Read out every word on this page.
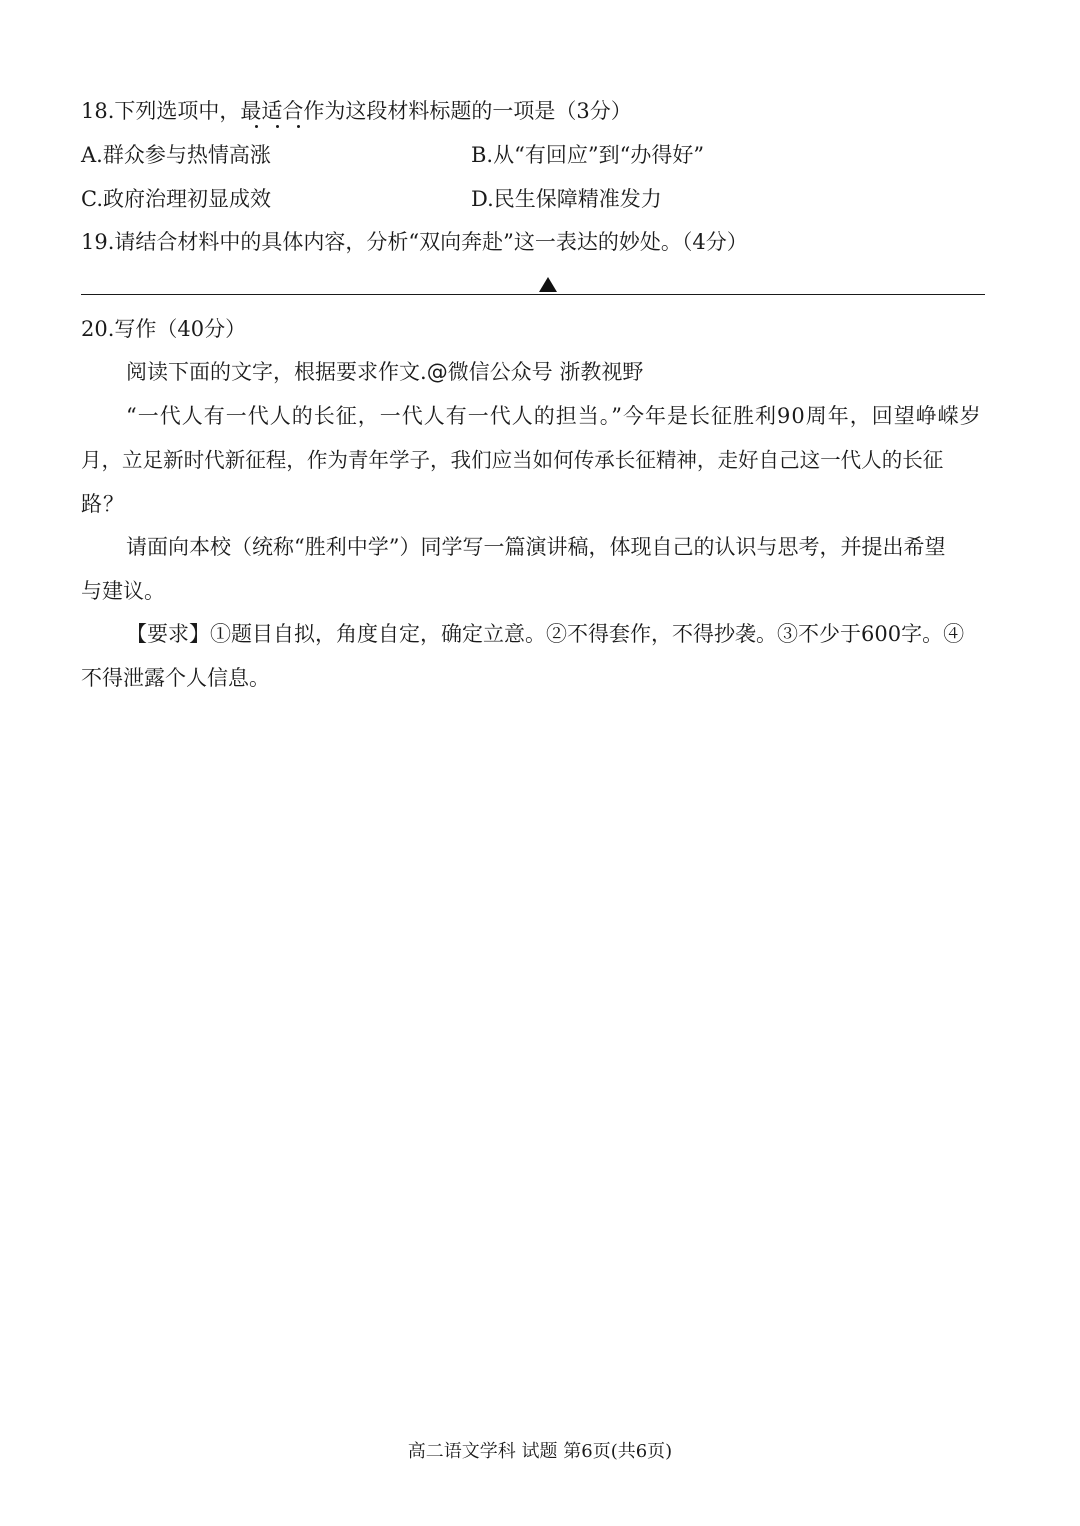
18.下列选项中，最适合作为这段材料标题的一项是（3分）
A.群众参与热情高涨	B.从“有回应”到“办得好”
C.政府治理初显成效	D.民生保障精准发力
19.请结合材料中的具体内容，分析“双向奔赴”这一表达的妙处。（4分）
20.写作（40分）
阅读下面的文字，根据要求作文.@微信公众号 浙教视野
“一代人有一代人的长征，一代人有一代人的担当。”今年是长征胜利90周年，回望峥嵘岁
月，立足新时代新征程，作为青年学子，我们应当如何传承长征精神，走好自己这一代人的长征
路？
请面向本校（统称“胜利中学”）同学写一篇演讲稿，体现自己的认识与思考，并提出希望
与建议。
【要求】①题目自拟，角度自定，确定立意。②不得套作，不得抄袭。③不少于600字。④
不得泄露个人信息。
高二语文学科 试题 第6页(共6页)
